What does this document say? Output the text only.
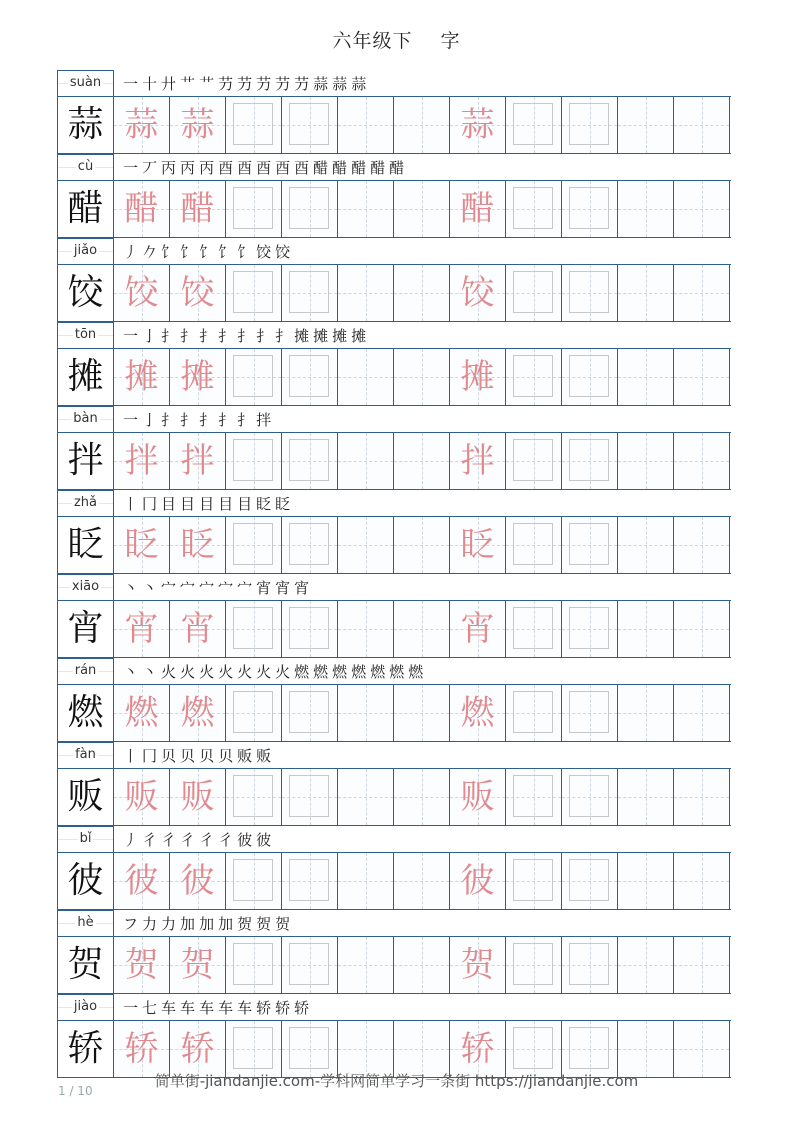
六年级下 字
suàn	一 十 廾 艹 艹 芀 芀 芀 芀 芀 蒜 蒜 蒜
蒜 蒜 蒜	蒜
cù	一 丆 丙 丙 丙 酉 酉 酉 酉 酉 醋 醋 醋 醋 醋
醋 醋 醋	醋
jiǎo	丿 𠂊 饣 饣 饣 饣 饣 饺 饺
饺 饺 饺	饺
tōn	一 亅 扌 扌 扌 扌 扌 扌 扌 摊 摊 摊 摊
摊 摊 摊	摊
bàn	一 亅 扌 扌 扌 扌 扌 拌
拌 拌 拌	拌
zhǎ	丨 冂 目 目 目 目 目 眨 眨
眨 眨 眨	眨
xiāo	丶 丶 宀 宀 宀 宀 宀 宵 宵 宵
宵 宵 宵	宵
rán	丶 丶 火 火 火 火 火 火 火 燃 燃 燃 燃 燃 燃 燃
燃 燃 燃	燃
fàn	丨 冂 贝 贝 贝 贝 贩 贩
贩 贩 贩	贩
bǐ	丿 彳 彳 彳 彳 彳 彼 彼
彼 彼 彼	彼
hè	フ 力 力 加 加 加 贺 贺 贺
贺 贺 贺	贺
jiào	一 七 车 车 车 车 车 轿 轿 轿
轿 轿 轿	轿
简单街-jiandanjie.com-学科网简单学习一条街 https://jiandanjie.com
1 / 10
